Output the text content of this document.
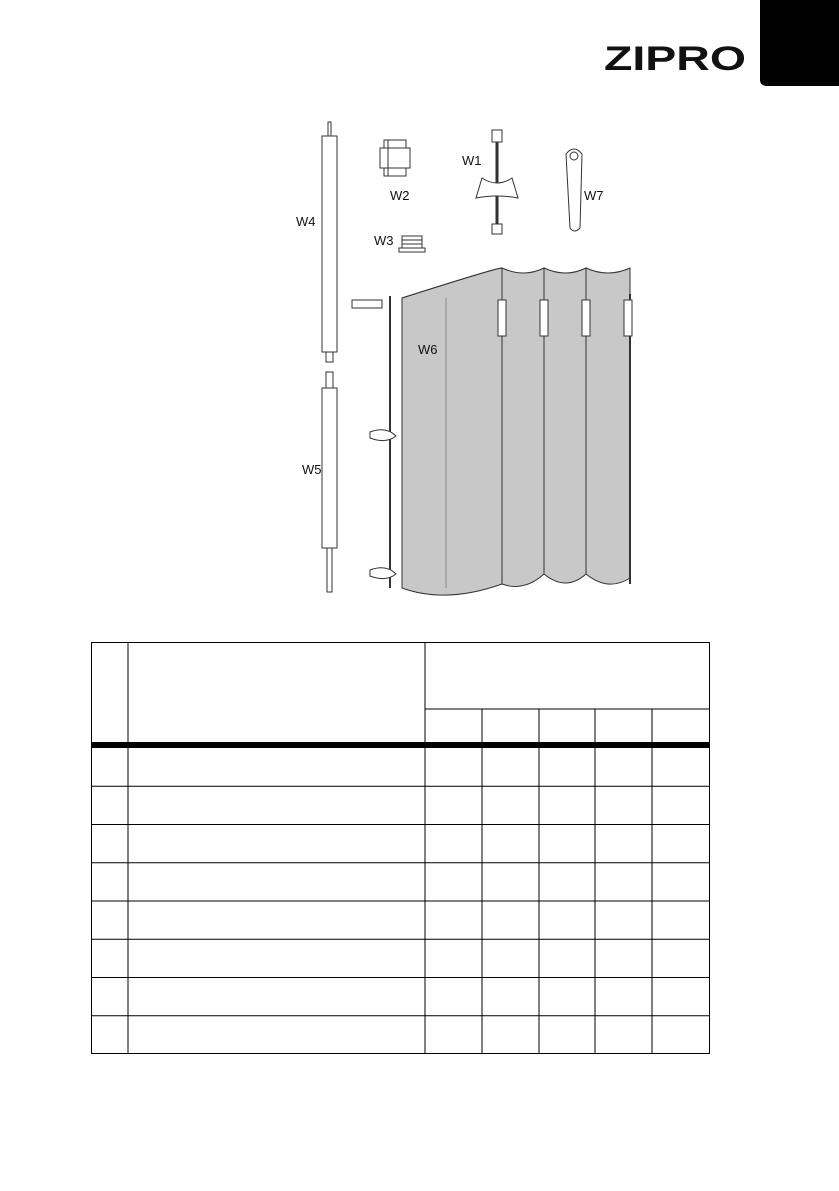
ZIPRO
W4
W2
W1
W7
W3
W6
W5
